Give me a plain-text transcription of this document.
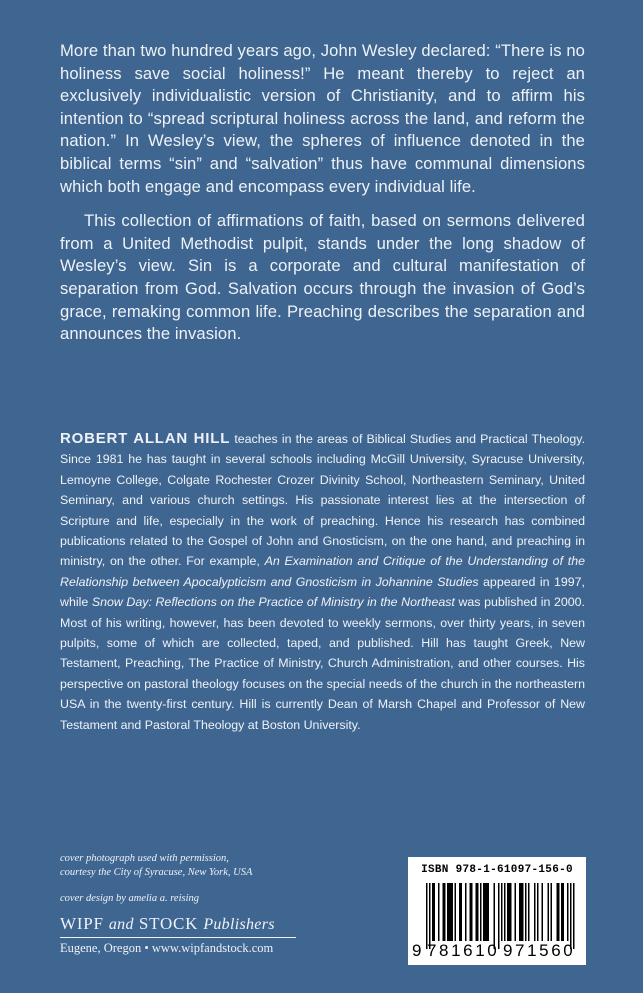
More than two hundred years ago, John Wesley declared: “There is no holiness save social holiness!” He meant thereby to reject an exclusively individualistic version of Christianity, and to affirm his intention to “spread scriptural holiness across the land, and reform the nation.” In Wesley’s view, the spheres of influence denoted in the biblical terms “sin” and “salvation” thus have communal dimensions which both engage and encompass every individual life.

This collection of affirmations of faith, based on sermons delivered from a United Methodist pulpit, stands under the long shadow of Wesley’s view. Sin is a corporate and cultural manifestation of separation from God. Salvation occurs through the invasion of God’s grace, remaking common life. Preaching describes the separation and announces the invasion.

ROBERT ALLAN HILL teaches in the areas of Biblical Studies and Practical Theology. Since 1981 he has taught in several schools including McGill University, Syracuse University, Lemoyne College, Colgate Rochester Crozer Divinity School, Northeastern Seminary, United Seminary, and various church settings. His passionate interest lies at the intersection of Scripture and life, especially in the work of preaching. Hence his research has combined publications related to the Gospel of John and Gnosticism, on the one hand, and preaching in ministry, on the other. For example, An Examination and Critique of the Understanding of the Relationship between Apocalypticism and Gnosticism in Johannine Studies appeared in 1997, while Snow Day: Reflections on the Practice of Ministry in the Northeast was published in 2000. Most of his writing, however, has been devoted to weekly sermons, over thirty years, in seven pulpits, some of which are collected, taped, and published. Hill has taught Greek, New Testament, Preaching, The Practice of Ministry, Church Administration, and other courses. His perspective on pastoral theology focuses on the special needs of the church in the northeastern USA in the twenty-first century. Hill is currently Dean of Marsh Chapel and Professor of New Testament and Pastoral Theology at Boston University.
cover photograph used with permission,
courtesy the City of Syracuse, New York, USA
cover design by amelia a. reising
WIPF and STOCK Publishers
Eugene, Oregon • www.wipfandstock.com
ISBN 978-1-61097-156-0
9 781610 971560
